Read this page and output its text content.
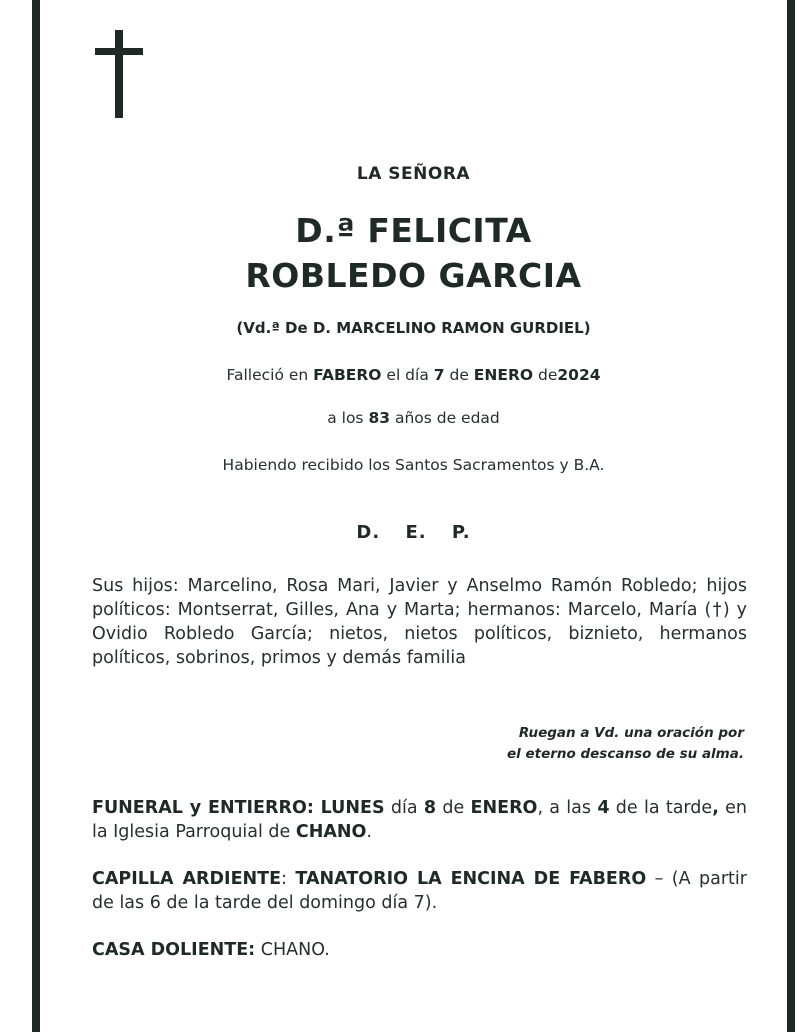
LA SEÑORA
D.ª FELICITA
ROBLEDO GARCIA
(Vd.ª De D. MARCELINO RAMON GURDIEL)
Falleció en FABERO el día 7 de ENERO de2024
a los 83 años de edad
Habiendo recibido los Santos Sacramentos y B.A.
D. E. P.
Sus hijos: Marcelino, Rosa Mari, Javier y Anselmo Ramón Robledo; hijos políticos: Montserrat, Gilles, Ana y Marta; hermanos: Marcelo, María (†) y Ovidio Robledo García; nietos, nietos políticos, biznieto, hermanos políticos, sobrinos, primos y demás familia
Ruegan a Vd. una oración por
el eterno descanso de su alma.
FUNERAL y ENTIERRO: LUNES día 8 de ENERO, a las 4 de la tarde, en la Iglesia Parroquial de CHANO.
CAPILLA ARDIENTE: TANATORIO LA ENCINA DE FABERO – (A partir de las 6 de la tarde del domingo día 7).
CASA DOLIENTE: CHANO.
